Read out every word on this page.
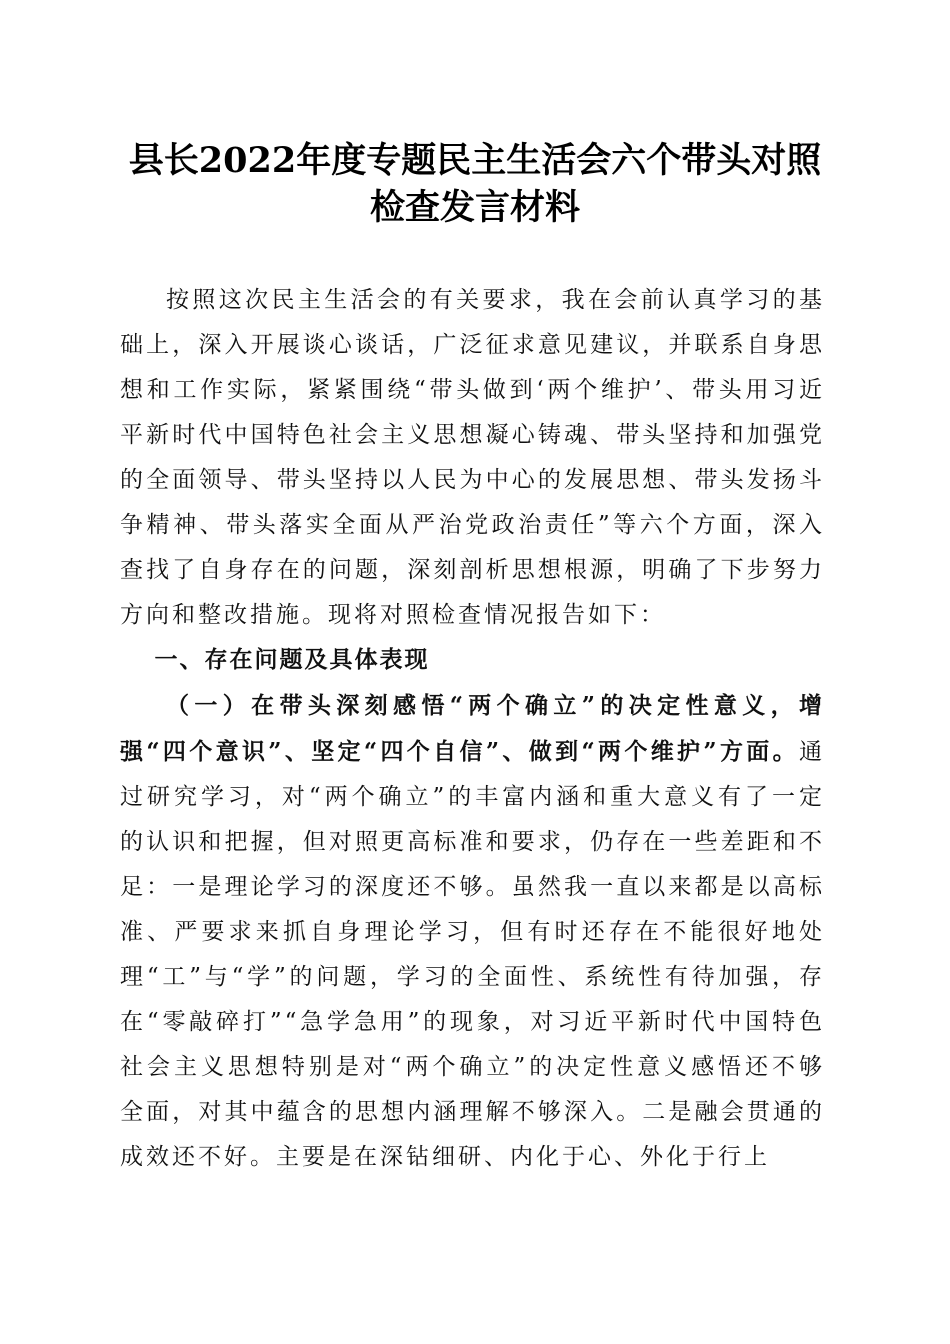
县长2022年度专题民主生活会六个带头对照
检查发言材料

按照这次民主生活会的有关要求，我在会前认真学习的基础上，深入开展谈心谈话，广泛征求意见建议，并联系自身思想和工作实际，紧紧围绕“带头做到‘两个维护’、带头用习近平新时代中国特色社会主义思想凝心铸魂、带头坚持和加强党的全面领导、带头坚持以人民为中心的发展思想、带头发扬斗争精神、带头落实全面从严治党政治责任”等六个方面，深入查找了自身存在的问题，深刻剖析思想根源，明确了下步努力方向和整改措施。现将对照检查情况报告如下：

一、存在问题及具体表现

（一）在带头深刻感悟“两个确立”的决定性意义，增强“四个意识”、坚定“四个自信”、做到“两个维护”方面。通过研究学习，对“两个确立”的丰富内涵和重大意义有了一定的认识和把握，但对照更高标准和要求，仍存在一些差距和不足：一是理论学习的深度还不够。虽然我一直以来都是以高标准、严要求来抓自身理论学习，但有时还存在不能很好地处理“工”与“学”的问题，学习的全面性、系统性有待加强，存在“零敲碎打”“急学急用”的现象，对习近平新时代中国特色社会主义思想特别是对“两个确立”的决定性意义感悟还不够全面，对其中蕴含的思想内涵理解不够深入。二是融会贯通的成效还不好。主要是在深钻细研、内化于心、外化于行上
